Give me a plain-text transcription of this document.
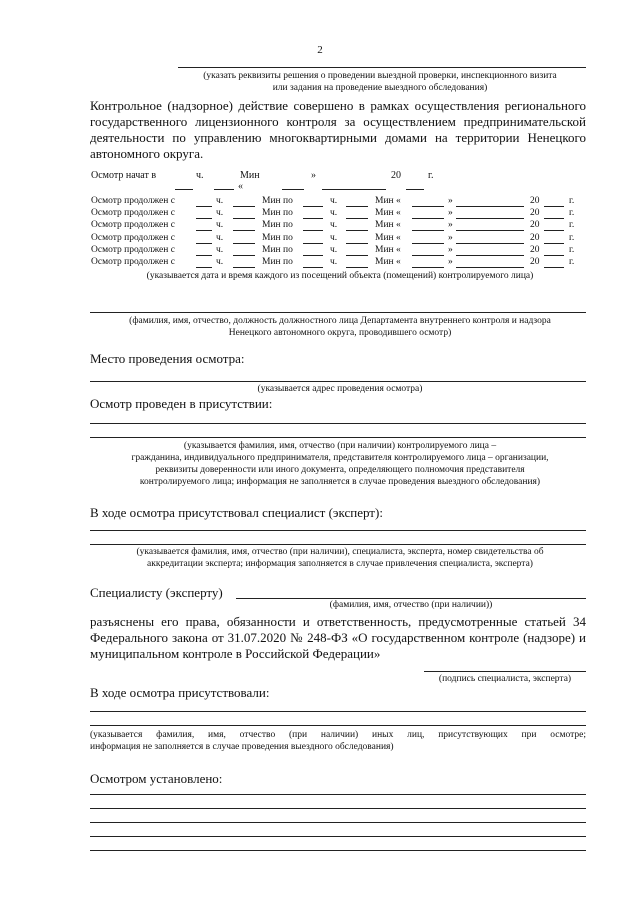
2
(указать реквизиты решения о проведении выездной проверки, инспекционного визита
или задания на проведение выездного обследования)
Контрольное (надзорное) действие совершено в рамках осуществления регионального
государственного лицензионного контроля за осуществлением предпринимательской
деятельности по управлению многоквартирными домами на территории Ненецкого
автономного округа.
Осмотр начат в	ч.	Мин	»	20	г.
«
Осмотр продолжен с	ч.	Мин по	ч.	Мин «	»	20	г.
Осмотр продолжен с	ч.	Мин по	ч.	Мин «	»	20	г.
Осмотр продолжен с	ч.	Мин по	ч.	Мин «	»	20	г.
Осмотр продолжен с	ч.	Мин по	ч.	Мин «	»	20	г.
Осмотр продолжен с	ч.	Мин по	ч.	Мин «	»	20	г.
Осмотр продолжен с	ч.	Мин по	ч.	Мин «	»	20	г.
(указывается дата и время каждого из посещений объекта (помещений) контролируемого лица)
(фамилия, имя, отчество, должность должностного лица Департамента внутреннего контроля и надзора
Ненецкого автономного округа, проводившего осмотр)
Место проведения осмотра:
(указывается адрес проведения осмотра)
Осмотр проведен в присутствии:
(указывается фамилия, имя, отчество (при наличии) контролируемого лица –
гражданина, индивидуального предпринимателя, представителя контролируемого лица – организации,
реквизиты доверенности или иного документа, определяющего полномочия представителя
контролируемого лица; информация не заполняется в случае проведения выездного обследования)
В ходе осмотра присутствовал специалист (эксперт):
(указывается фамилия, имя, отчество (при наличии), специалиста, эксперта, номер свидетельства об
аккредитации эксперта; информация заполняется в случае привлечения специалиста, эксперта)
Специалисту (эксперту)
(фамилия, имя, отчество (при наличии))
разъяснены его права, обязанности и ответственность, предусмотренные статьей 34
Федерального закона от 31.07.2020 № 248-ФЗ «О государственном контроле (надзоре) и
муниципальном контроле в Российской Федерации»
(подпись специалиста, эксперта)
В ходе осмотра присутствовали:
(указывается фамилия, имя, отчество (при наличии) иных лиц, присутствующих при осмотре;
информация не заполняется в случае проведения выездного обследования)
Осмотром установлено:
